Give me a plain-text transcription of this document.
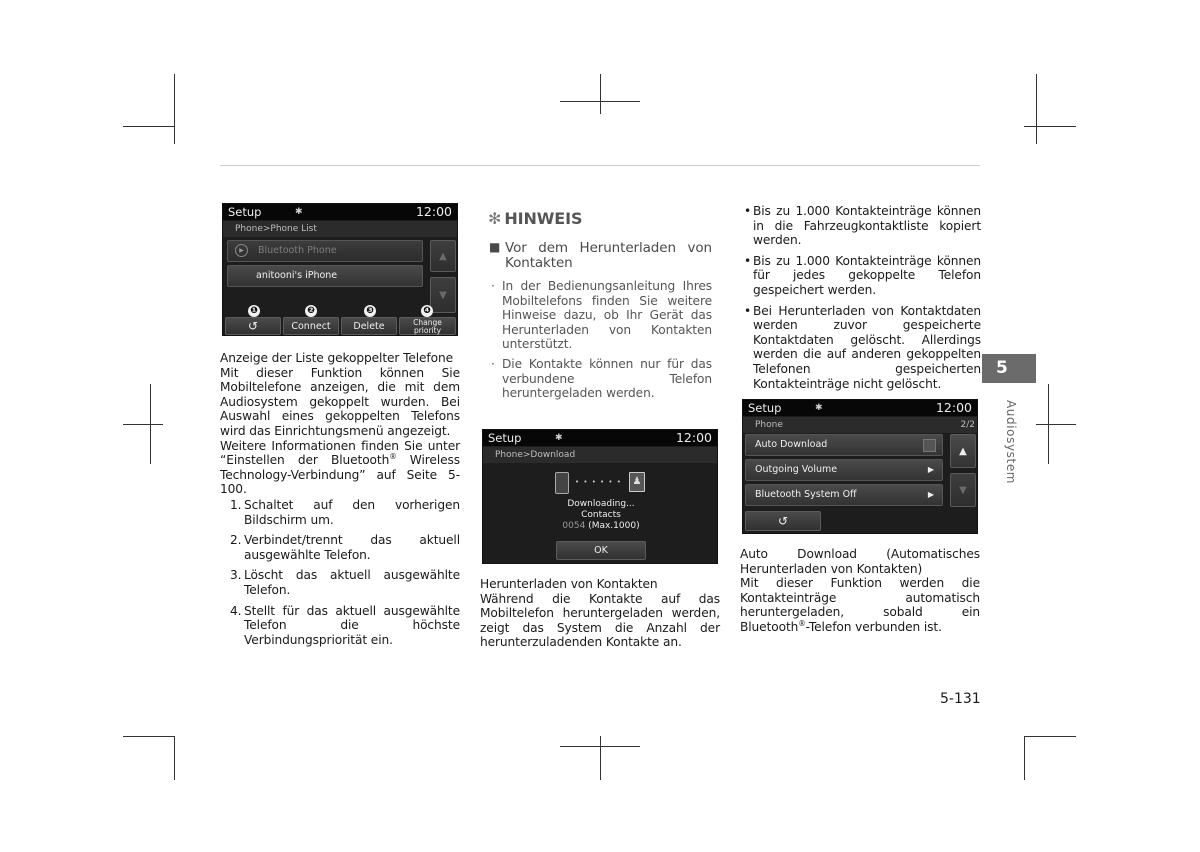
Setup	✱	12:00
Phone>Phone List
Bluetooth Phone
▶
anitooni's iPhone
▲
▼
❶	❷	❸	❹
↺	Connect	Delete	Change
priority

Anzeige der Liste gekoppelter Telefone

Mit dieser Funktion können Sie Mobiltelefone anzeigen, die mit dem Audiosystem gekoppelt wurden. Bei Auswahl eines gekoppelten Telefons wird das Einrichtungsmenü angezeigt.

Weitere Informationen finden Sie unter “Einstellen der Bluetooth® Wireless Technology-Verbindung” auf Seite 5-100.

1. Schaltet auf den vorherigen Bildschirm um.
2. Verbindet/trennt das aktuell ausgewählte Telefon.
3. Löscht das aktuell ausgewählte Telefon.
4. Stellt für das aktuell ausgewählte Telefon die höchste Verbindungspriorität ein.
✻ HINWEIS
■ Vor dem Herunterladen von Kontakten
· In der Bedienungsanleitung Ihres Mobiltelefons finden Sie weitere Hinweise dazu, ob Ihr Gerät das Herunterladen von Kontakten unterstützt.
· Die Kontakte können nur für das verbundene Telefon heruntergeladen werden.
Setup	✱	12:00
Phone>Download
• • • • • •	♟
Downloading...
Contacts
0054 (Max.1000)
OK

Herunterladen von Kontakten

Während die Kontakte auf das Mobiltelefon heruntergeladen werden, zeigt das System die Anzahl der herunterzuladenden Kontakte an.

• Bis zu 1.000 Kontakteinträge können in die Fahrzeugkontaktliste kopiert werden.
• Bis zu 1.000 Kontakteinträge können für jedes gekoppelte Telefon gespeichert werden.
• Bei Herunterladen von Kontaktdaten werden zuvor gespeicherte Kontaktdaten gelöscht. Allerdings werden die auf anderen gekoppelten Telefonen gespeicherten Kontakteinträge nicht gelöscht.
Setup	✱	12:00
Phone	2/2
Auto Download
Outgoing Volume	▶
Bluetooth System Off	▶
▲
▼
↺

Auto Download (Automatisches Herunterladen von Kontakten)

Mit dieser Funktion werden die Kontakteinträge automatisch heruntergeladen, sobald ein Bluetooth®-Telefon verbunden ist.

5
Audiosystem
5-131
